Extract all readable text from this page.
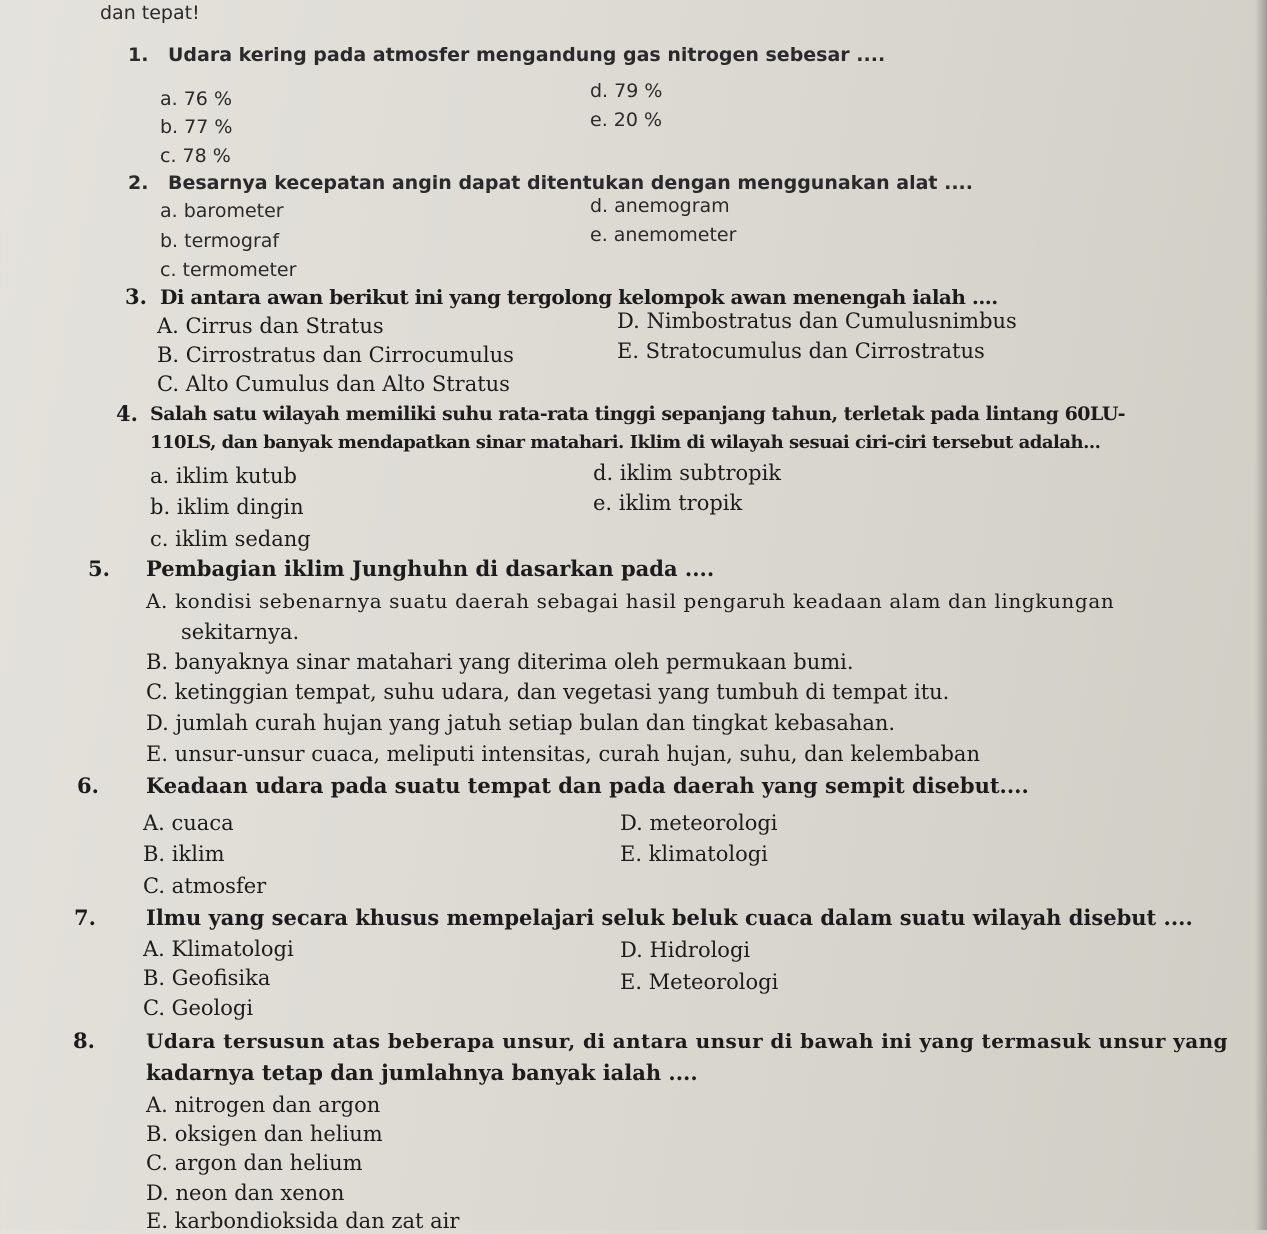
dan tepat!
1. Udara kering pada atmosfer mengandung gas nitrogen sebesar ....
a. 76 %
b. 77 %
c. 78 %
d. 79 %
e. 20 %
2. Besarnya kecepatan angin dapat ditentukan dengan menggunakan alat ....
a. barometer
b. termograf
c. termometer
d. anemogram
e. anemometer
3. Di antara awan berikut ini yang tergolong kelompok awan menengah ialah ....
A. Cirrus dan Stratus
B. Cirrostratus dan Cirrocumulus
C. Alto Cumulus dan Alto Stratus
D. Nimbostratus dan Cumulusnimbus
E. Stratocumulus dan Cirrostratus
4. Salah satu wilayah memiliki suhu rata-rata tinggi sepanjang tahun, terletak pada lintang 60LU-
110LS, dan banyak mendapatkan sinar matahari. Iklim di wilayah sesuai ciri-ciri tersebut adalah...
a. iklim kutub
b. iklim dingin
c. iklim sedang
d. iklim subtropik
e. iklim tropik
5. Pembagian iklim Junghuhn di dasarkan pada ....
A. kondisi sebenarnya suatu daerah sebagai hasil pengaruh keadaan alam dan lingkungan
sekitarnya.
B. banyaknya sinar matahari yang diterima oleh permukaan bumi.
C. ketinggian tempat, suhu udara, dan vegetasi yang tumbuh di tempat itu.
D. jumlah curah hujan yang jatuh setiap bulan dan tingkat kebasahan.
E. unsur-unsur cuaca, meliputi intensitas, curah hujan, suhu, dan kelembaban
6. Keadaan udara pada suatu tempat dan pada daerah yang sempit disebut....
A. cuaca
B. iklim
C. atmosfer
D. meteorologi
E. klimatologi
7. Ilmu yang secara khusus mempelajari seluk beluk cuaca dalam suatu wilayah disebut ....
A. Klimatologi
B. Geofisika
C. Geologi
D. Hidrologi
E. Meteorologi
8.	Udara tersusun atas beberapa unsur, di antara unsur di bawah ini yang termasuk unsur yang
kadarnya tetap dan jumlahnya banyak ialah ....
A. nitrogen dan argon
B. oksigen dan helium
C. argon dan helium
D. neon dan xenon
E. karbondioksida dan zat air
